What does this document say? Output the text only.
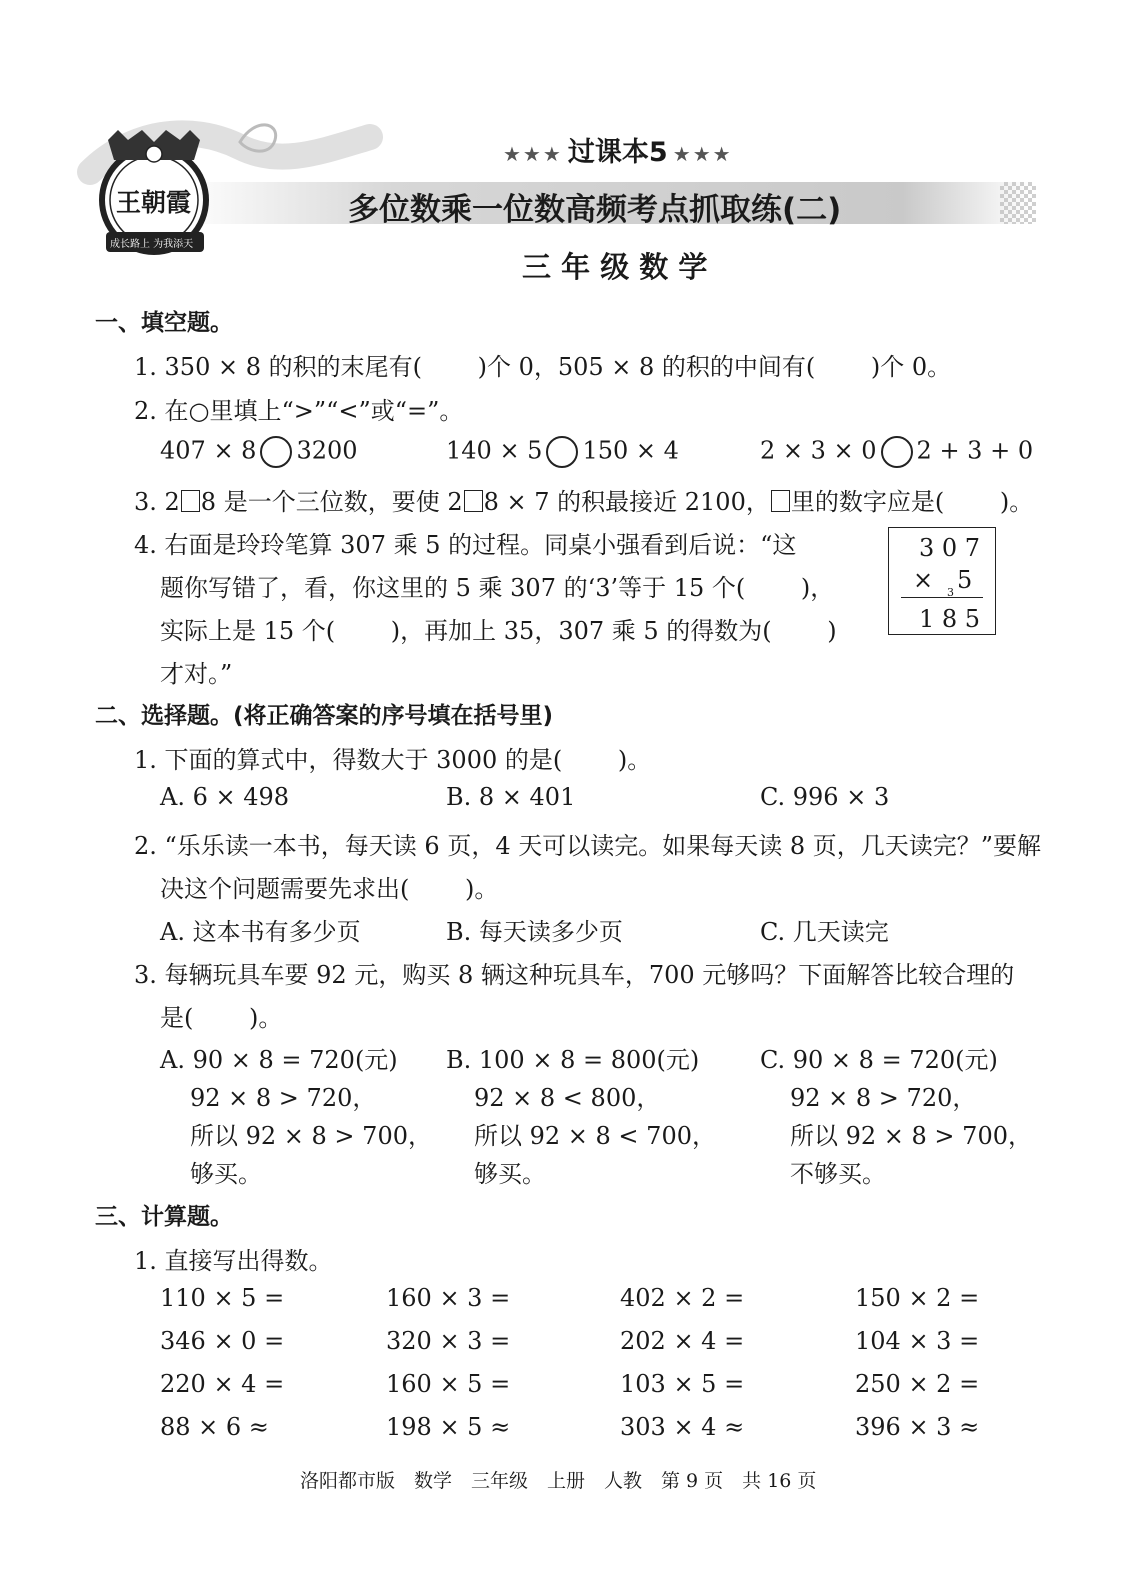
王朝霞
成长路上 为我添天
★★★ 过课本5 ★★★
多位数乘一位数高频考点抓取练(二)
三 年 级 数 学
一、填空题。
1. 350 × 8 的积的末尾有(　　 )个 0，505 × 8 的积的中间有(　　 )个 0。
2. 在○里填上“>”“<”或“=”。
407 × 8 3200	140 × 5 150 × 4	2 × 3 × 0 2 + 3 + 0
3. 2 8 是一个三位数，要使 2 8 × 7 的积最接近 2100， 里的数字应是(　　 )。
4. 右面是玲玲笔算 307 乘 5 的过程。同桌小强看到后说：“这
题你写错了，看，你这里的 5 乘 307 的‘3’等于 15 个(　　 )，
实际上是 15 个(　　 )，再加上 35，307 乘 5 的得数为(　　 )
才对。”
3 0 7
× 3 5
1 8 5
二、选择题。(将正确答案的序号填在括号里)
1. 下面的算式中，得数大于 3000 的是(　　 )。
A. 6 × 498	B. 8 × 401	C. 996 × 3
2. “乐乐读一本书，每天读 6 页，4 天可以读完。如果每天读 8 页，几天读完？”要解
决这个问题需要先求出(　　 )。
A. 这本书有多少页	B. 每天读多少页	C. 几天读完
3. 每辆玩具车要 92 元，购买 8 辆这种玩具车，700 元够吗？下面解答比较合理的
是(　　 )。
A. 90 × 8 = 720(元)
92 × 8 > 720，
所以 92 × 8 > 700，
够买。
B. 100 × 8 = 800(元)
92 × 8 < 800，
所以 92 × 8 < 700，
够买。
C. 90 × 8 = 720(元)
92 × 8 > 720，
所以 92 × 8 > 700，
不够买。
三、计算题。
1. 直接写出得数。
110 × 5 =	160 × 3 =	402 × 2 =	150 × 2 =
346 × 0 =	320 × 3 =	202 × 4 =	104 × 3 =
220 × 4 =	160 × 5 =	103 × 5 =	250 × 2 =
88 × 6 ≈	198 × 5 ≈	303 × 4 ≈	396 × 3 ≈
洛阳都市版　数学　三年级　上册　人教　第 9 页　共 16 页
